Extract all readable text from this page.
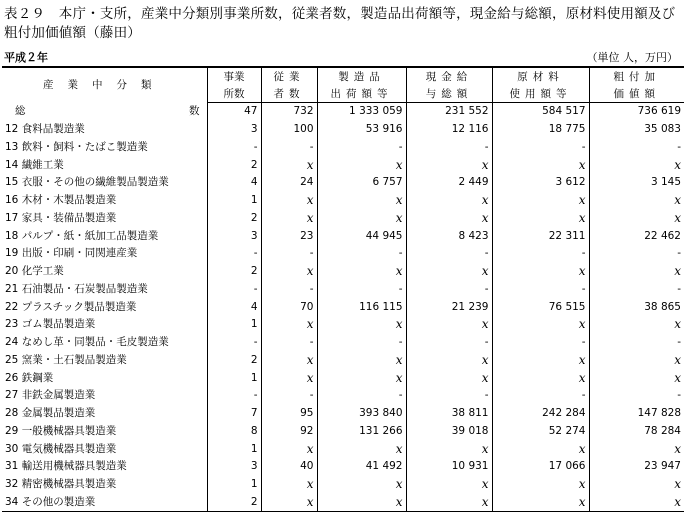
表２９　本庁・支所，産業中分類別事業所数，従業者数，製造品出荷額等，現金給与総額，原材料使用額及び粗付加価値額（藤田）
平成２年	（単位 人，万円）
産業中分類	事業	従業	製造品	現金給	原材料	粗付加
	所数	者数	出荷額等	与総額	使用額等	価値額

総 数	47	732	1 333 059	231 552	584 517	736 619
12 食料品製造業	3	100	53 916	12 116	18 775	35 083
13 飲料・飼料・たばこ製造業	-	-	-	-	-	-
14 繊維工業	2	x	x	x	x	x
15 衣服・その他の繊維製品製造業	4	24	6 757	2 449	3 612	3 145
16 木材・木製品製造業	1	x	x	x	x	x
17 家具・装備品製造業	2	x	x	x	x	x
18 パルプ・紙・紙加工品製造業	3	23	44 945	8 423	22 311	22 462
19 出版・印刷・同関連産業	-	-	-	-	-	-
20 化学工業	2	x	x	x	x	x
21 石油製品・石炭製品製造業	-	-	-	-	-	-
22 プラスチック製品製造業	4	70	116 115	21 239	76 515	38 865
23 ゴム製品製造業	1	x	x	x	x	x
24 なめし革・同製品・毛皮製造業	-	-	-	-	-	-
25 窯業・土石製品製造業	2	x	x	x	x	x
26 鉄鋼業	1	x	x	x	x	x
27 非鉄金属製造業	-	-	-	-	-	-
28 金属製品製造業	7	95	393 840	38 811	242 284	147 828
29 一般機械器具製造業	8	92	131 266	39 018	52 274	78 284
30 電気機械器具製造業	1	x	x	x	x	x
31 輸送用機械器具製造業	3	40	41 492	10 931	17 066	23 947
32 精密機械器具製造業	1	x	x	x	x	x
34 その他の製造業	2	x	x	x	x	x
